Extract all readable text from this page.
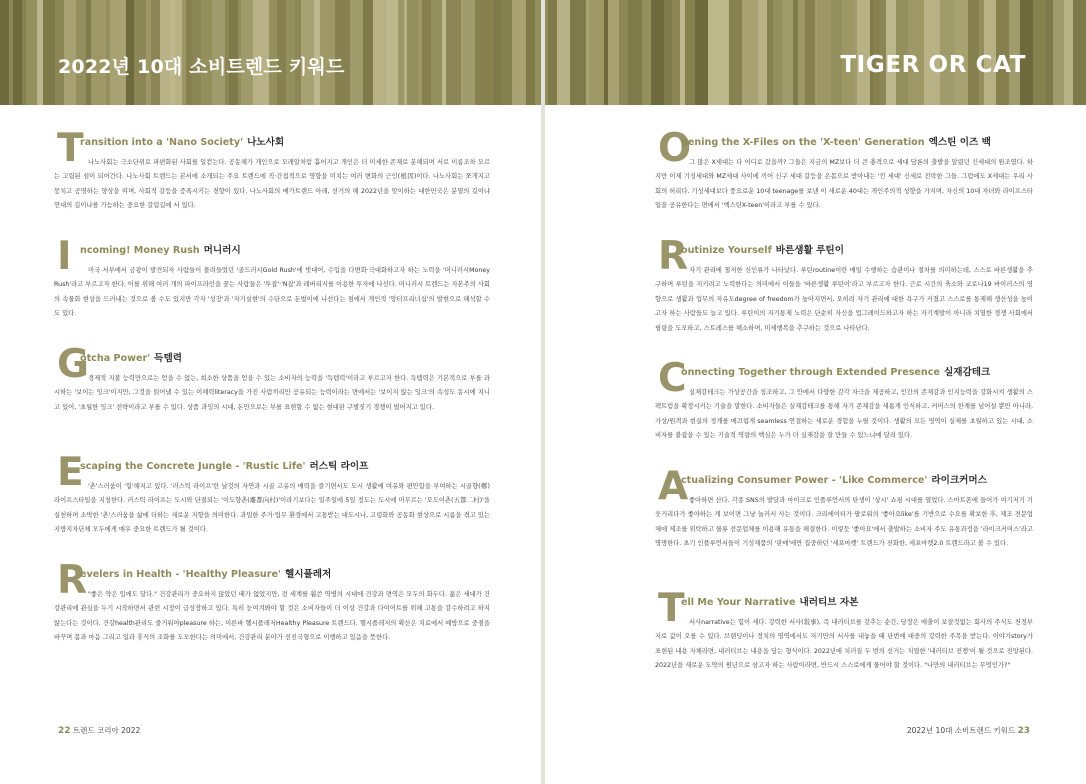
2022년 10대 소비트렌드 키워드
T
ransition into a 'Nano Society' 나노사회

나노사회는 극소단위로 파편화된 사회를 일컫는다. 공동체가 개인으로 모래알처럼 흩어지고 개인은 더 미세한 존재로 분해되며 서로 이름조차 모르는 고립된 섬이 되어간다. 나노사회 트렌드는 본서에 소개되는 주요 트렌드에 직·간접적으로 영향을 미치는 여러 변화의 근인(根因)이다. 나노사회는 쪼개지고 뭉치고 공명하는 양상을 띠며, 사회적 갈등을 증폭시키는 경향이 있다. 나노사회의 메가트렌드 아래, 선거의 해 2022년을 맞이하는 대한민국은 분열의 길이냐 연대의 길이냐를 가늠하는 중요한 갈림길에 서 있다.

I ncoming! Money Rush 머니러시

미국 서부에서 금광이 발견되자 사람들이 몰려들었던 '골드러시Gold Rush'에 빗대어, 수입을 다변화·극대화하고자 하는 노력을 '머니러시Money Rush'라고 부르고자 한다. 이를 위해 여러 개의 파이프라인을 꽂는 사람들은 '투잡'·'N잡'과 레버리지를 이용한 투자에 나선다. 머니러시 트렌드는 자본주의 사회의 속물화 현상을 드러내는 것으로 볼 수도 있지만 각자 '성장'과 '자기실현'의 수단으로 돈벌이에 나선다는 점에서 개인적 '앙터프리너십'의 발현으로 해석할 수도 있다.

G
otcha Power' 득템력

경제적 지불 능력만으로는 얻을 수 없는, 희소한 상품을 얻을 수 있는 소비자의 능력을 '득템력'이라고 부르고자 한다. 득템력은 기본적으로 부를 과시하는 '보이는 잉크'이지만, 그것을 읽어낼 수 있는 이해력literacy을 가진 사람끼리만 공유되는 능력이라는 면에서는 '보이지 않는 잉크'의 속성도 동시에 지니고 있어, '초월한 잉크' 전략이라고 부를 수 있다. 상품 과잉의 시대, 돈만으로는 부를 표현할 수 없는 현대판 구별짓기 경쟁이 벌어지고 있다.

E
scaping the Concrete Jungle - 'Rustic Life' 러스틱 라이프

'촌'스러움이 '힙'해지고 있다. '러스틱 라이프'란 날것의 자연과 시골 고유의 매력을 즐기면서도 도시 생활에 여유와 편안함을 부여하는 시골향(鄕) 라이프스타일을 지칭한다. 러스틱 라이프는 도시와 단절되는 '이도향촌(離都向村)'이라기보다는 일주일에 5일 정도는 도시에 머무르는 '오도이촌(五都二村)'을 실천하며 소박한 '촌'스러움을 삶에 더하는 새로운 지향을 의미한다. 과밀한 주거·업무 환경에서 고통받는 대도시나, 고령화와 공동화 현상으로 시름을 겪고 있는 지방지자단체 모두에게 매우 중요한 트렌드가 될 것이다.

R
evelers in Health - 'Healthy Pleasure' 헬시플레저

"좋은 약은 입에도 달다." 건강관리가 중요하지 않았던 때가 없었지만, 전 세계를 휩쓴 역병의 시대에 건강과 면역은 모두의 화두다. 젊은 세대가 건강관리에 관심을 두기 시작하면서 관련 시장이 급성장하고 있다. 특히 눈여겨봐야 할 것은 소비자들이 더 이상 건강과 다이어트를 위해 고통을 감수하려고 하지 않는다는 것이다. 건강health관리도 즐거워야pleasure 하는, 이른바 헬시플레저Healthy Pleasure 트렌드다. 헬시플레저의 확산은 치료에서 예방으로 중점을 바꾸며 몸과 마음 그리고 일과 휴식의 조화를 도모한다는 의미에서, 건강관리 분야가 선진국형으로 이행하고 있음을 뜻한다.

22 트렌드 코리아 2022
TIGER OR CAT
O
pening the X-Files on the 'X-teen' Generation 엑스틴 이즈 백

그 많은 X세대는 다 어디로 갔을까? 그들은 지금의 MZ보다 더 큰 충격으로 세대 담론의 출발을 알렸던 신세대의 원조였다. 하지만 이제 기성세대와 MZ세대 사이에 끼어 신구 세대 갈등을 온몸으로 받아내는 '낀 세대' 신세로 전락한 그들. 그럼에도 X세대는 우리 사회의 허리다. 기성세대보다 풍요로운 10대 teenage를 보낸 이 새로운 40대는 개인주의적 성향을 가지며, 자신의 10대 자녀와 라이프스타일을 공유한다는 면에서 '엑스틴X-teen'이라고 부를 수 있다.

R
outinize Yourself 바른생활 루틴이

자기 관리에 철저한 신인류가 나타났다. 루틴routine이란 매일 수행하는 습관이나 절차를 의미하는데, 스스로 바른생활을 추구하며 루틴을 지키려고 노력한다는 의미에서 이들을 '바른생활 루틴이'라고 부르고자 한다. 근로 시간의 축소와 코로나19 바이러스의 영향으로 생활과 업무의 자유도degree of freedom가 높아지면서, 오히려 자기 관리에 대한 욕구가 커졌고 스스로를 통제해 생산성을 높이고자 하는 사람들도 늘고 있다. 루틴이의 자기통제 노력은 단순히 자신을 업그레이드하고자 하는 자기계발이 아니라 치열한 경쟁 사회에서 필링을 도모하고, 스트레스를 해소하며, 미세행복을 추구하는 것으로 나타난다.

C
onnecting Together through Extended Presence 실재감테크

실재감테크는 가상공간을 칭조하고, 그 안에서 다양한 감각 자극을 제공하고, 인간의 존재감과 인지능력을 강화시켜 생활의 스펙트럼을 확장시키는 기술을 말한다. 소비자들은 실재감테크를 통해 자기 존재감을 새롭게 인식하고, 커머스의 한계를 넘어설 뿐만 아니라, 가상/원격과 현실의 경계를 매끄럽게 seamless 연결하는 새로운 경험을 누릴 것이다. 생활의 모든 영역이 실제를 초월하고 있는 시대, 소비자를 붙잡을 수 있는 기술적 역량의 핵심은 누가 더 실재감을 잘 만들 수 있느냐에 달려 있다.

A
ctualizing Consumer Power - 'Like Commerce' 라이크커머스

좋아하면 산다. 각종 SNS의 발달과 마이크로 인플루언서의 탄생이 '상시' 쇼핑 시대를 열었다. 스마트폰에 들어가 여기저기 기웃거리다가 좋아하는 게 보이면 그냥 눌러서 사는 것이다. 크리에이터가 팔로워의 '좋아요like'를 기반으로 수요를 확보한 후, 제조 전문업체에 제조를 위탁하고 물류 전문업체를 이용해 유통을 해결한다. 이렇듯 '좋아요'에서 출발하는 소비자 주도 유통과정을 '라이크커머스'라고 명명한다. 초기 인플루언서들이 기성제품의 '판매'에만 집중하던 '세포마켓' 트렌드가 진화한, 세포마켓2.0 트렌드라고 볼 수 있다.

T
ell Me Your Narrative 내러티브 자본

서사narrative는 힘이 세다. 강력한 서사(敍事), 즉 내러티브를 갖추는 순간, 당장은 매출이 보잘것없는 회사의 주식도 천정부지로 값이 오를 수 있다. 브랜딩이나 정치의 영역에서도 자기만의 서사를 내놓을 때 단번에 대중의 강력한 주목을 받는다. 이야기story가 표현된 내용 자체라면, 내러티브는 내용을 담는 형식이다. 2022년에 치러질 두 번의 선거는 치열한 '내러티브 전쟁'이 될 것으로 전망된다. 2022년을 새로운 도약의 원년으로 삼고자 하는 사람이라면, 반드시 스스로에게 물어야 할 것이다. "나만의 내러티브는 무엇인가?"

2022년 10대 소비트렌드 키워드 23
